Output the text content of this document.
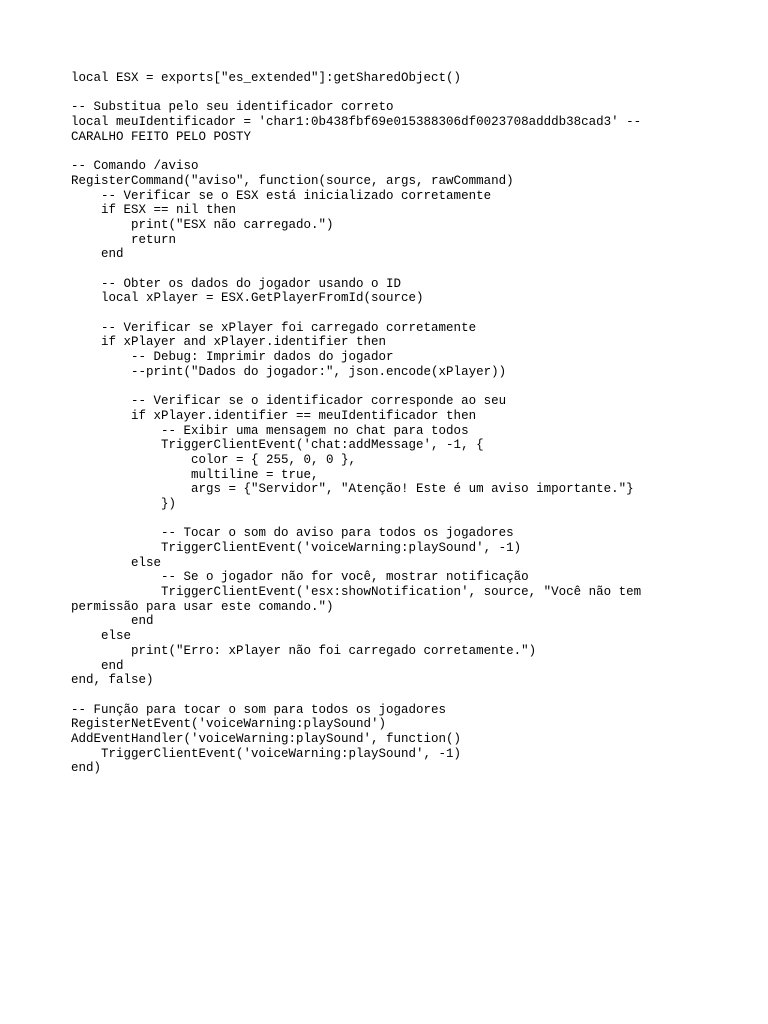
local ESX = exports["es_extended"]:getSharedObject()
-- Substitua pelo seu identificador correto
local meuIdentificador = 'char1:0b438fbf69e015388306df0023708adddb38cad3' --
CARALHO FEITO PELO POSTY
-- Comando /aviso
RegisterCommand("aviso", function(source, args, rawCommand)
-- Verificar se o ESX está inicializado corretamente
if ESX == nil then
print("ESX não carregado.")
return
end
-- Obter os dados do jogador usando o ID
local xPlayer = ESX.GetPlayerFromId(source)
-- Verificar se xPlayer foi carregado corretamente
if xPlayer and xPlayer.identifier then
-- Debug: Imprimir dados do jogador
--print("Dados do jogador:", json.encode(xPlayer))
-- Verificar se o identificador corresponde ao seu
if xPlayer.identifier == meuIdentificador then
-- Exibir uma mensagem no chat para todos
TriggerClientEvent('chat:addMessage', -1, {
color = { 255, 0, 0 },
multiline = true,
args = {"Servidor", "Atenção! Este é um aviso importante."}
})
-- Tocar o som do aviso para todos os jogadores
TriggerClientEvent('voiceWarning:playSound', -1)
else
-- Se o jogador não for você, mostrar notificação
TriggerClientEvent('esx:showNotification', source, "Você não tem
permissão para usar este comando.")
end
else
print("Erro: xPlayer não foi carregado corretamente.")
end
end, false)
-- Função para tocar o som para todos os jogadores
RegisterNetEvent('voiceWarning:playSound')
AddEventHandler('voiceWarning:playSound', function()
TriggerClientEvent('voiceWarning:playSound', -1)
end)
